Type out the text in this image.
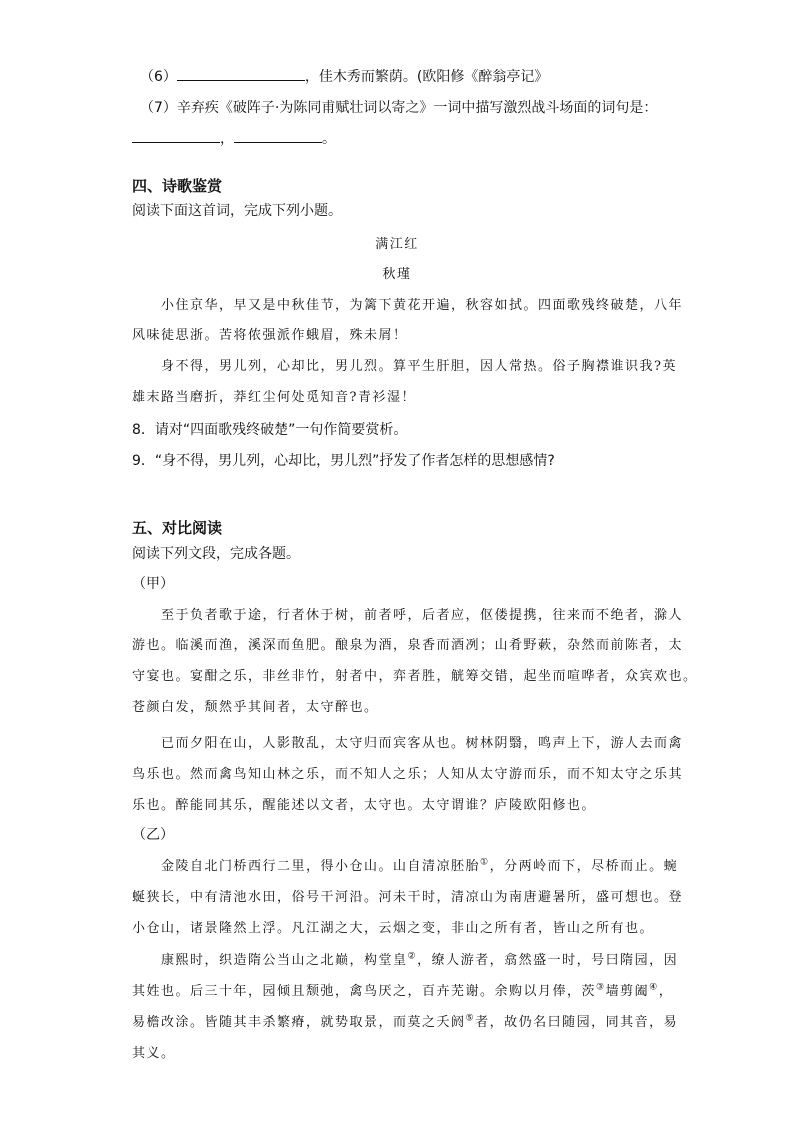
（6）	，佳木秀而繁荫。(欧阳修《醉翁亭记》
（7）辛弃疾《破阵子·为陈同甫赋壮词以寄之》一词中描写激烈战斗场面的词句是：
，	。
四、诗歌鉴赏
阅读下面这首词，完成下列小题。
满江红
秋瑾
小住京华，早又是中秋佳节，为篱下黄花开遍，秋容如拭。四面歌残终破楚，八年
风味徒思浙。苦将侬强派作蛾眉，殊未屑！
身不得，男儿列，心却比，男儿烈。算平生肝胆，因人常热。俗子胸襟谁识我?英
雄末路当磨折，莽红尘何处觅知音?青衫湿！
8．请对“四面歌残终破楚”一句作简要赏析。
9．“身不得，男儿列，心却比，男儿烈”抒发了作者怎样的思想感情?
五、对比阅读
阅读下列文段，完成各题。
（甲）
至于负者歌于途，行者休于树，前者呼，后者应，伛偻提携，往来而不绝者，滁人
游也。临溪而渔，溪深而鱼肥。酿泉为酒，泉香而酒冽；山肴野蔌，杂然而前陈者，太
守宴也。宴酣之乐，非丝非竹，射者中，弈者胜，觥筹交错，起坐而喧哗者，众宾欢也。
苍颜白发，颓然乎其间者，太守醉也。
已而夕阳在山，人影散乱，太守归而宾客从也。树林阴翳，鸣声上下，游人去而禽
鸟乐也。然而禽鸟知山林之乐，而不知人之乐；人知从太守游而乐，而不知太守之乐其
乐也。醉能同其乐，醒能述以文者，太守也。太守谓谁？庐陵欧阳修也。
（乙）
金陵自北门桥西行二里，得小仓山。山自清凉胚胎①，分两岭而下，尽桥而止。蜿
蜒狭长，中有清池水田，俗号干河沿。河未干时，清凉山为南唐避暑所，盛可想也。登
小仓山，诸景隆然上浮。凡江湖之大，云烟之变，非山之所有者，皆山之所有也。
康熙时，织造隋公当山之北巅，构堂皇②，缭人游者，翕然盛一时，号曰隋园，因
其姓也。后三十年，园倾且颓弛，禽鸟厌之，百卉芜谢。余购以月俸，茨③墙剪阖④，
易檐改涂。皆随其丰杀繁瘠，就势取景，而莫之夭阏⑤者，故仍名曰随园，同其音，易
其义。
